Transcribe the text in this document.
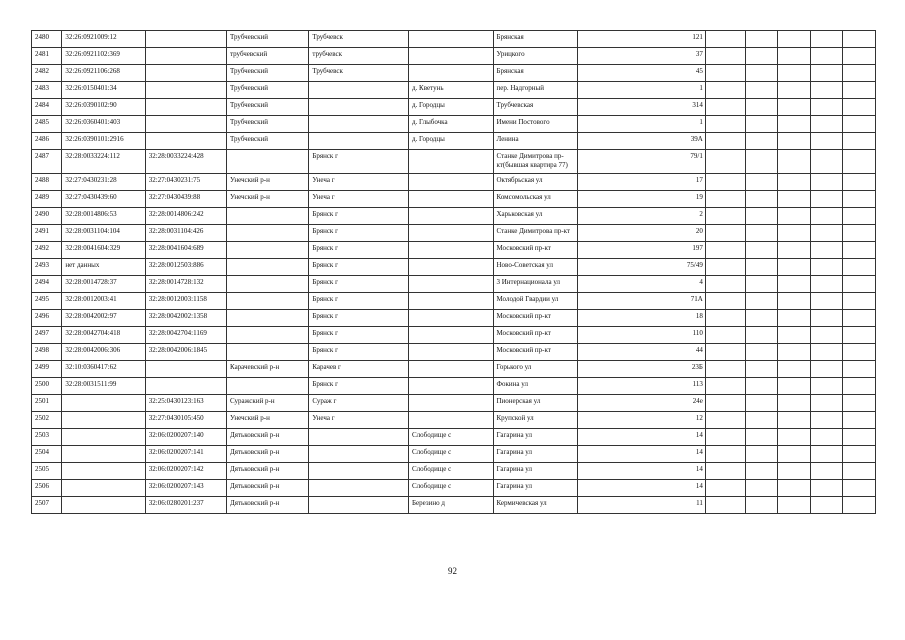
2480	32:26:0921009:12		Трубчевский	Трубчевск		Брянская	121					
2481	32:26:0921102:369		трубчевский	трубчевск		Урицкого	37					
2482	32:26:0921106:268		Трубчевский	Трубчевск		Брянская	45					
2483	32:26:0150401:34		Трубчевский		д. Кветунь	пер. Надгорный	1					
2484	32:26:0390102:90		Трубчевский		д. Городцы	Трубчевская	314					
2485	32:26:0360401:403		Трубчевский		д. Глыбочка	Имени Постового	1					
2486	32:26:0390101:2916		Трубчевский		д. Городцы	Ленина	39А					
2487	32:28:0033224:112	32:28:0033224:428		Брянск г		Станке Димитрова пр-кт(бывшая квартира 77)	79/1					
2488	32:27:0430231:28	32:27:0430231:75	Унечский р-н	Унеча г		Октябрьская ул	17					
2489	32:27:0430439:60	32:27:0430439:88	Унечский р-н	Унеча г		Комсомольская ул	19					
2490	32:28:0014806:53	32:28:0014806:242		Брянск г		Харьковская ул	2					
2491	32:28:0031104:104	32:28:0031104:426		Брянск г		Станке Димитрова пр-кт	20					
2492	32:28:0041604:329	32:28:0041604:689		Брянск г		Московский пр-кт	197					
2493	нет данных	32:28:0012503:886		Брянск г		Ново-Советская ул	75/49					
2494	32:28:0014728:37	32:28:0014728:132		Брянск г		3 Интернационала ул	4					
2495	32:28:0012003:41	32:28:0012003:1158		Брянск г		Молодой Гвардии ул	71А					
2496	32:28:0042002:97	32:28:0042002:1358		Брянск г		Московский пр-кт	18					
2497	32:28:0042704:418	32:28:0042704:1169		Брянск г		Московский пр-кт	110					
2498	32:28:0042006:306	32:28:0042006:1845		Брянск г		Московский пр-кт	44					
2499	32:10:0360417:62		Карачевский р-н	Карачев г		Горького ул	23Б					
2500	32:28:0031511:99			Брянск г		Фокина ул	113					
2501		32:25:0430123:163	Суражский р-н	Сураж г		Пионерская ул	24е					
2502		32:27:0430105:450	Унечский р-н	Унеча г		Крупской ул	12					
2503		32:06:0200207:140	Дятьковский р-н		Слободище с	Гагарина ул	14					
2504		32:06:0200207:141	Дятьковский р-н		Слободище с	Гагарина ул	14					
2505		32:06:0200207:142	Дятьковский р-н		Слободище с	Гагарина ул	14					
2506		32:06:0200207:143	Дятьковский р-н		Слободище с	Гагарина ул	14					
2507		32:06:0280201:237	Дятьковский р-н		Березино д	Кермичевская ул	11					
92
